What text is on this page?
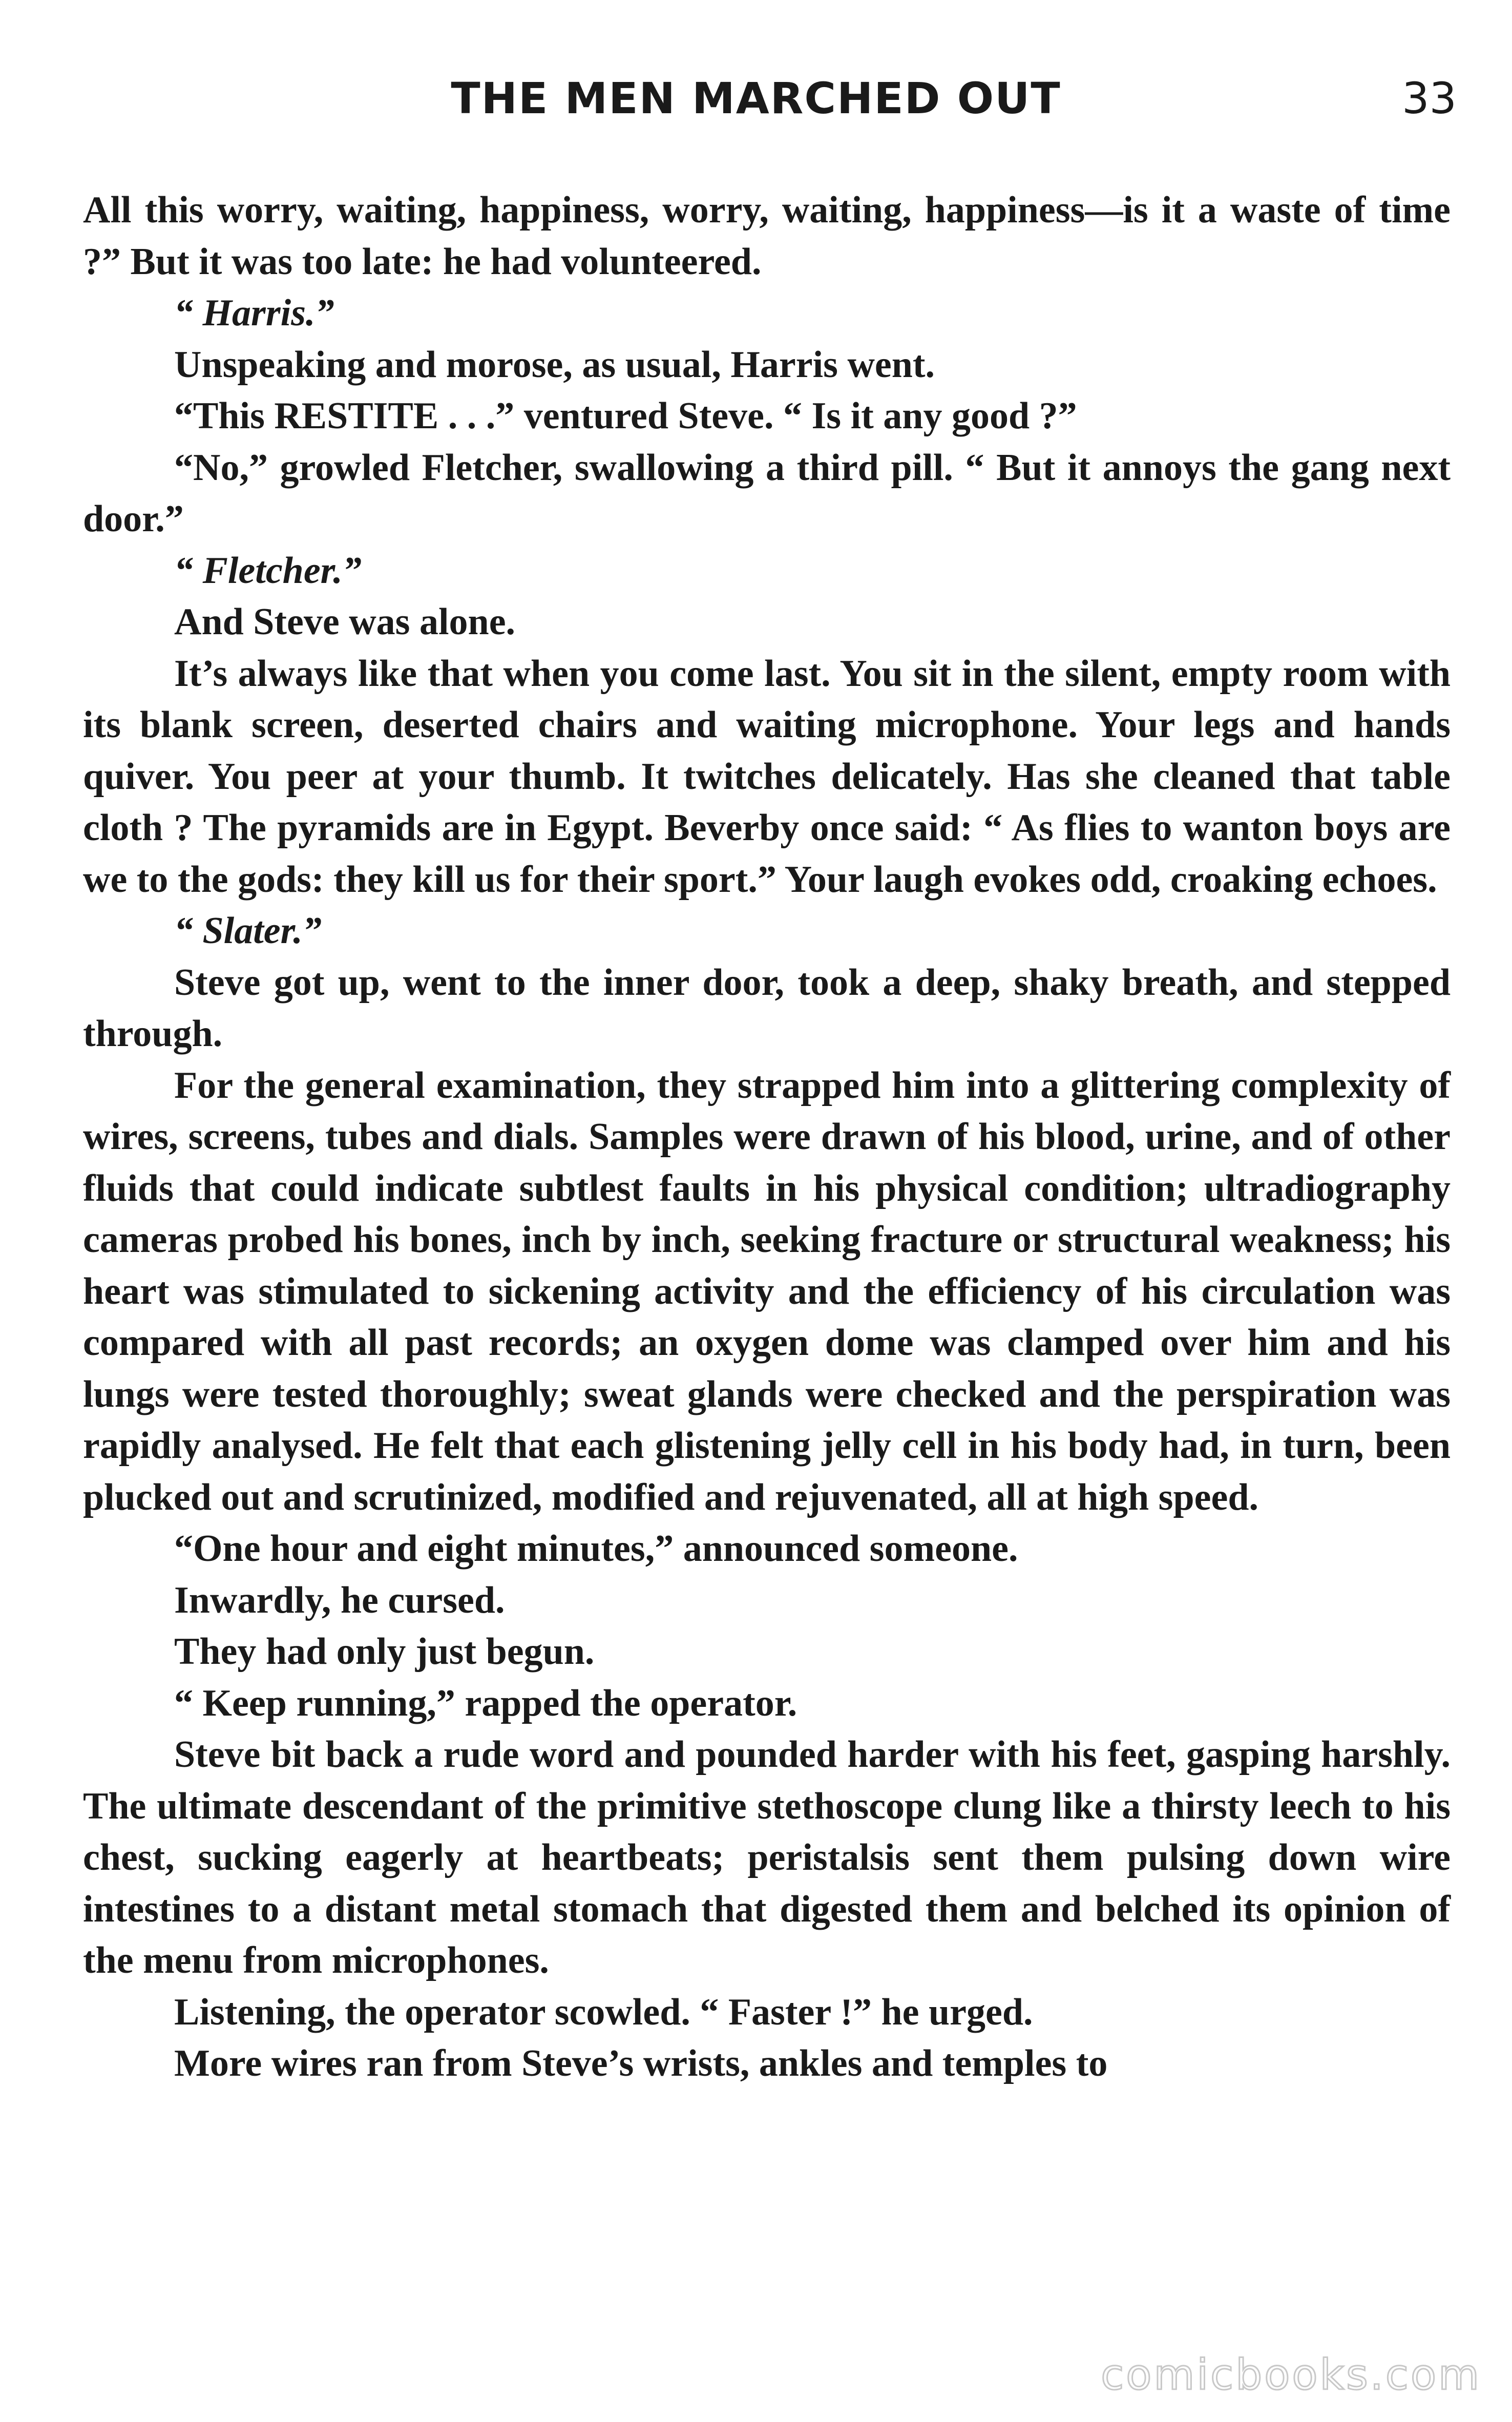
THE MEN MARCHED OUT	33

All this worry, waiting, happiness, worry, waiting, happiness—is it a waste of time ?” But it was too late: he had volunteered.

“ Harris.”

Unspeaking and morose, as usual, Harris went.

“This RESTITE . . .” ventured Steve. “ Is it any good ?”

“No,” growled Fletcher, swallowing a third pill. “ But it annoys the gang next door.”

“ Fletcher.”

And Steve was alone.

It’s always like that when you come last. You sit in the silent, empty room with its blank screen, deserted chairs and waiting microphone. Your legs and hands quiver. You peer at your thumb. It twitches delicately. Has she cleaned that table cloth ? The pyramids are in Egypt. Beverby once said: “ As flies to wanton boys are we to the gods: they kill us for their sport.” Your laugh evokes odd, croaking echoes.

“ Slater.”

Steve got up, went to the inner door, took a deep, shaky breath, and stepped through.

For the general examination, they strapped him into a glittering complexity of wires, screens, tubes and dials. Samples were drawn of his blood, urine, and of other fluids that could indicate subtlest faults in his physical condition; ultradiography cameras probed his bones, inch by inch, seeking fracture or structural weakness; his heart was stimulated to sickening activity and the efficiency of his circulation was compared with all past records; an oxygen dome was clamped over him and his lungs were tested thoroughly; sweat glands were checked and the perspiration was rapidly analysed. He felt that each glistening jelly cell in his body had, in turn, been plucked out and scrutinized, modified and rejuvenated, all at high speed.

“One hour and eight minutes,” announced someone.

Inwardly, he cursed.

They had only just begun.

“ Keep running,” rapped the operator.

Steve bit back a rude word and pounded harder with his feet, gasping harshly. The ultimate descendant of the primitive stethoscope clung like a thirsty leech to his chest, sucking eagerly at heartbeats; peristalsis sent them pulsing down wire intestines to a distant metal stomach that digested them and belched its opinion of the menu from microphones.

Listening, the operator scowled. “ Faster !” he urged.

More wires ran from Steve’s wrists, ankles and temples to

comicbooks.com
